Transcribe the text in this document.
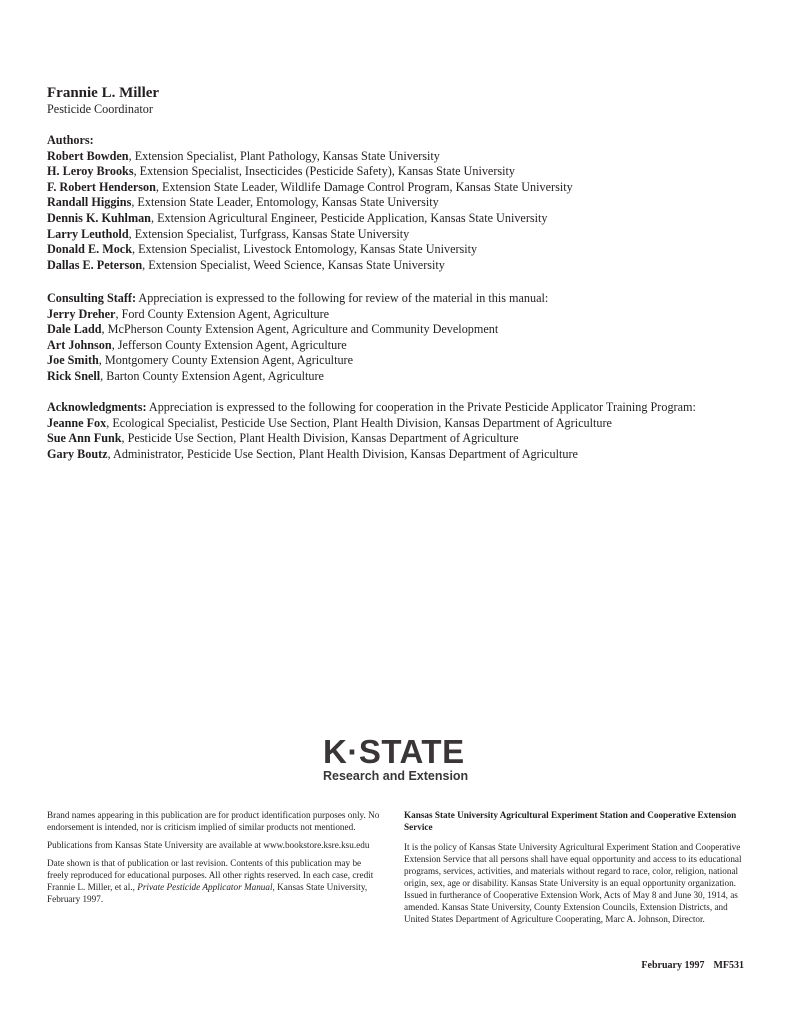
Frannie L. Miller
Pesticide Coordinator
Authors:
Robert Bowden, Extension Specialist, Plant Pathology, Kansas State University
H. Leroy Brooks, Extension Specialist, Insecticides (Pesticide Safety), Kansas State University
F. Robert Henderson, Extension State Leader, Wildlife Damage Control Program, Kansas State University
Randall Higgins, Extension State Leader, Entomology, Kansas State University
Dennis K. Kuhlman, Extension Agricultural Engineer, Pesticide Application, Kansas State University
Larry Leuthold, Extension Specialist, Turfgrass, Kansas State University
Donald E. Mock, Extension Specialist, Livestock Entomology, Kansas State University
Dallas E. Peterson, Extension Specialist, Weed Science, Kansas State University
Consulting Staff: Appreciation is expressed to the following for review of the material in this manual:
Jerry Dreher, Ford County Extension Agent, Agriculture
Dale Ladd, McPherson County Extension Agent, Agriculture and Community Development
Art Johnson, Jefferson County Extension Agent, Agriculture
Joe Smith, Montgomery County Extension Agent, Agriculture
Rick Snell, Barton County Extension Agent, Agriculture
Acknowledgments: Appreciation is expressed to the following for cooperation in the Private Pesticide Applicator Training Program:
Jeanne Fox, Ecological Specialist, Pesticide Use Section, Plant Health Division, Kansas Department of Agriculture
Sue Ann Funk, Pesticide Use Section, Plant Health Division, Kansas Department of Agriculture
Gary Boutz, Administrator, Pesticide Use Section, Plant Health Division, Kansas Department of Agriculture
K·STATE
Research and Extension

Brand names appearing in this publication are for product identification purposes only. No endorsement is intended, nor is criticism implied of similar products not mentioned.

Publications from Kansas State University are available at www.bookstore.ksre.ksu.edu

Date shown is that of publication or last revision. Contents of this publication may be freely reproduced for educational purposes. All other rights reserved. In each case, credit Frannie L. Miller, et al., Private Pesticide Applicator Manual, Kansas State University, February 1997.

Kansas State University Agricultural Experiment Station and Cooperative Extension Service

It is the policy of Kansas State University Agricultural Experiment Station and Cooperative Extension Service that all persons shall have equal opportunity and access to its educational programs, services, activities, and materials without regard to race, color, religion, national origin, sex, age or disability. Kansas State University is an equal opportunity organization. Issued in furtherance of Cooperative Extension Work, Acts of May 8 and June 30, 1914, as amended. Kansas State University, County Extension Councils, Extension Districts, and United States Department of Agriculture Cooperating, Marc A. Johnson, Director.

February 1997 MF531
